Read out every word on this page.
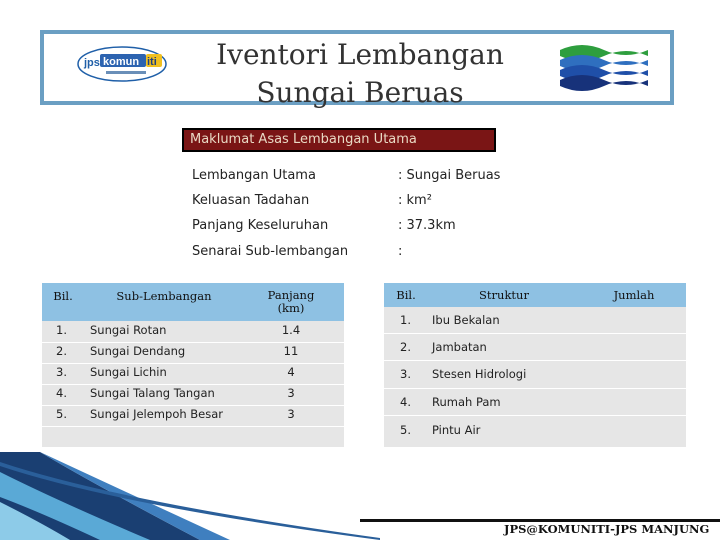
jps komun iti	Iventori Lembangan
Sungai Beruas
Maklumat Asas Lembangan Utama
Lembangan Utama	: Sungai Beruas
Keluasan Tadahan	: km²
Panjang Keseluruhan	: 37.3km
Senarai Sub-lembangan	:
Bil.	Sub-Lembangan	Panjang (km)
1. Sungai Rotan	1.4
2. Sungai Dendang	11
3. Sungai Lichin	4
4. Sungai Talang Tangan	3
5. Sungai Jelempoh Besar	3
Bil.	Struktur	Jumlah
1. Ibu Bekalan
2. Jambatan
3. Stesen Hidrologi
4. Rumah Pam
5. Pintu Air
JPS@KOMUNITI-JPS MANJUNG
